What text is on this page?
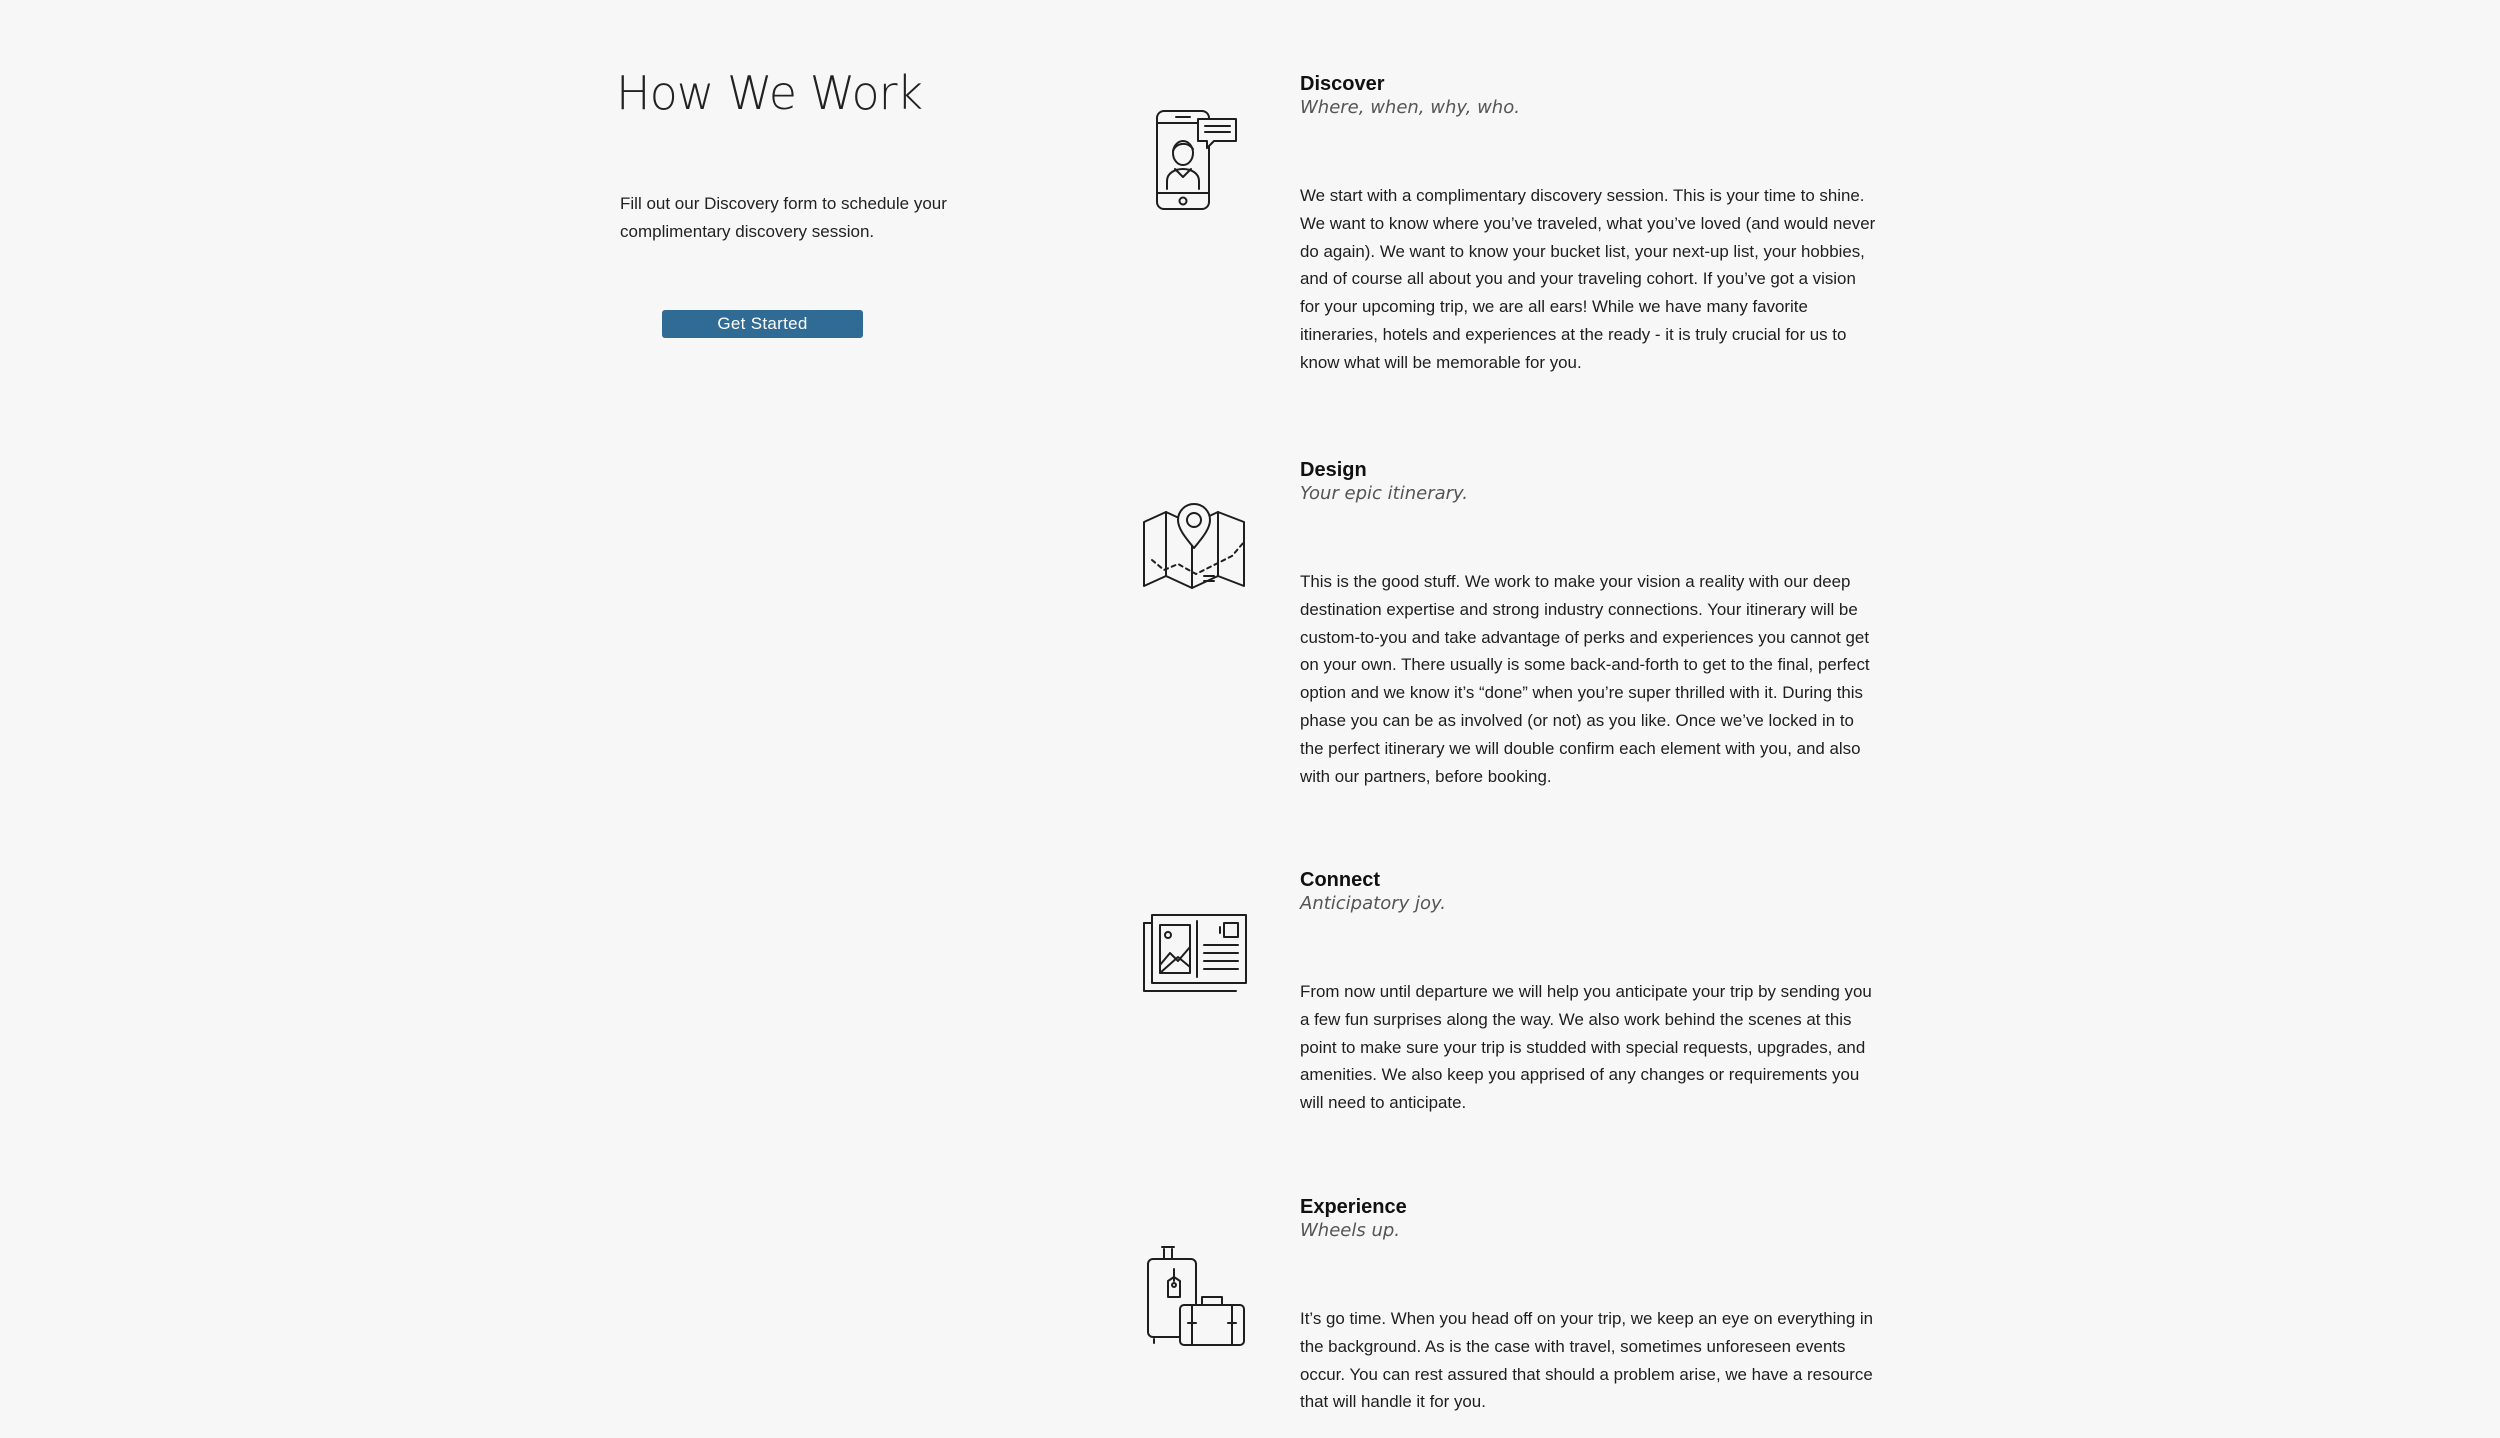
How We Work

Fill out our Discovery form to schedule your complimentary discovery session.

Get Started
Discover

Where, when, why, who.

We start with a complimentary discovery session. This is your time to shine. We want to know where you’ve traveled, what you’ve loved (and would never do again). We want to know your bucket list, your next-up list, your hobbies, and of course all about you and your traveling cohort. If you’ve got a vision for your upcoming trip, we are all ears! While we have many favorite itineraries, hotels and experiences at the ready - it is truly crucial for us to know what will be memorable for you.

Design

Your epic itinerary.

This is the good stuff. We work to make your vision a reality with our deep destination expertise and strong industry connections. Your itinerary will be custom-to-you and take advantage of perks and experiences you cannot get on your own. There usually is some back-and-forth to get to the final, perfect option and we know it’s “done” when you’re super thrilled with it. During this phase you can be as involved (or not) as you like. Once we’ve locked in to the perfect itinerary we will double confirm each element with you, and also with our partners, before booking.

Connect

Anticipatory joy.

From now until departure we will help you anticipate your trip by sending you a few fun surprises along the way. We also work behind the scenes at this point to make sure your trip is studded with special requests, upgrades, and amenities. We also keep you apprised of any changes or requirements you will need to anticipate.

Experience

Wheels up.

It’s go time. When you head off on your trip, we keep an eye on everything in the background. As is the case with travel, sometimes unforeseen events occur. You can rest assured that should a problem arise, we have a resource that will handle it for you.
